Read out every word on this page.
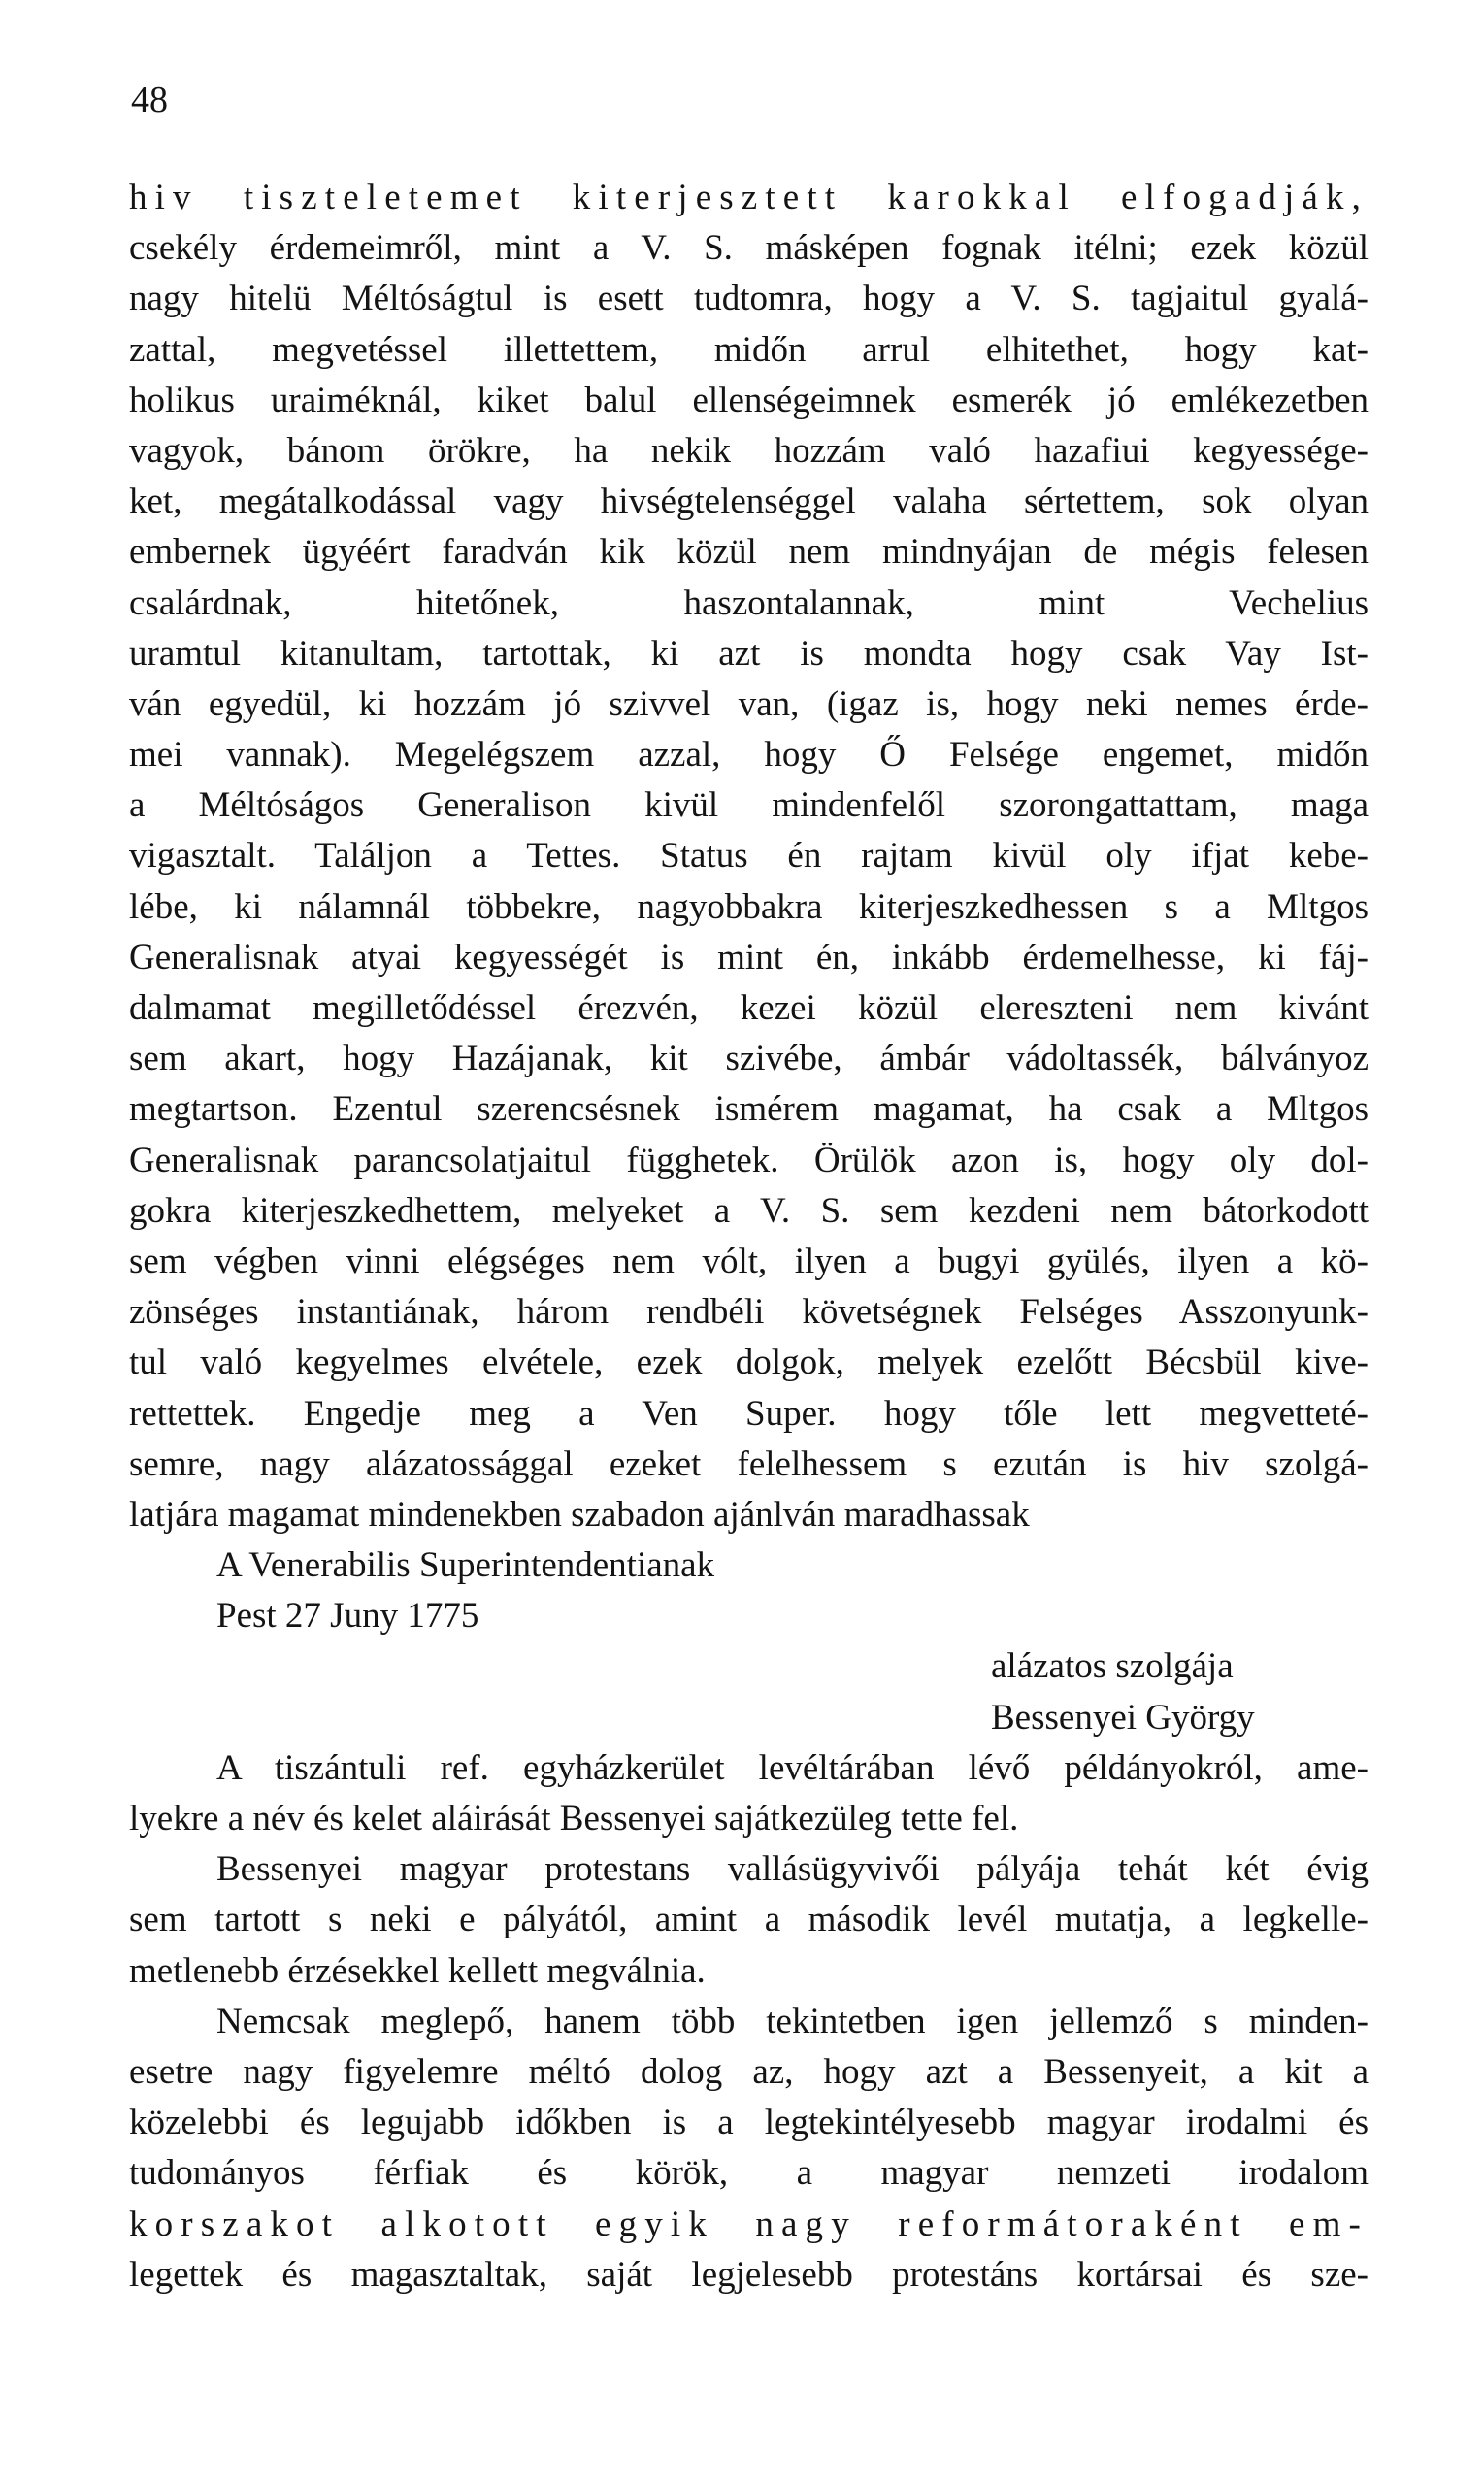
48
hiv tiszteletemet kiterjesztett karokkal elfogadják,
csekély érdemeimről, mint a V. S. másképen fognak itélni; ezek közül
nagy hitelü Méltóságtul is esett tudtomra, hogy a V. S. tagjaitul gyalá-
zattal, megvetéssel illettettem, midőn arrul elhitethet, hogy kat-
holikus uraiméknál, kiket balul ellenségeimnek esmerék jó emlékezetben
vagyok, bánom örökre, ha nekik hozzám való hazafiui kegyessége-
ket, megátalkodással vagy hivségtelenséggel valaha sértettem, sok olyan
embernek ügyéért faradván kik közül nem mindnyájan de mégis felesen
csalárdnak, hitetőnek, haszontalannak, mint Vechelius
uramtul kitanultam, tartottak, ki azt is mondta hogy csak Vay Ist-
ván egyedül, ki hozzám jó szivvel van, (igaz is, hogy neki nemes érde-
mei vannak). Megelégszem azzal, hogy Ő Felsége engemet, midőn
a Méltóságos Generalison kivül mindenfelől szorongattattam, maga
vigasztalt. Találjon a Tettes. Status én rajtam kivül oly ifjat kebe-
lébe, ki nálamnál többekre, nagyobbakra kiterjeszkedhessen s a Mltgos
Generalisnak atyai kegyességét is mint én, inkább érdemelhesse, ki fáj-
dalmamat megilletődéssel érezvén, kezei közül elereszteni nem kivánt
sem akart, hogy Hazájanak, kit szivébe, ámbár vádoltassék, bálványoz
megtartson. Ezentul szerencsésnek ismérem magamat, ha csak a Mltgos
Generalisnak parancsolatjaitul függhetek. Örülök azon is, hogy oly dol-
gokra kiterjeszkedhettem, melyeket a V. S. sem kezdeni nem bátorkodott
sem végben vinni elégséges nem vólt, ilyen a bugyi gyülés, ilyen a kö-
zönséges instantiának, három rendbéli követségnek Felséges Asszonyunk-
tul való kegyelmes elvétele, ezek dolgok, melyek ezelőtt Bécsbül kive-
rettettek. Engedje meg a Ven Super. hogy tőle lett megvetteté-
semre, nagy alázatossággal ezeket felelhessem s ezután is hiv szolgá-
latjára magamat mindenekben szabadon ajánlván maradhassak
A Venerabilis Superintendentianak
Pest 27 Juny 1775
alázatos szolgája
Bessenyei György
A tiszántuli ref. egyházkerület levéltárában lévő példányokról, ame-
lyekre a név és kelet aláirását Bessenyei sajátkezüleg tette fel.
Bessenyei magyar protestans vallásügyvivői pályája tehát két évig
sem tartott s neki e pályától, amint a második levél mutatja, a legkelle-
metlenebb érzésekkel kellett megválnia.
Nemcsak meglepő, hanem több tekintetben igen jellemző s minden-
esetre nagy figyelemre méltó dolog az, hogy azt a Bessenyeit, a kit a
közelebbi és legujabb időkben is a legtekintélyesebb magyar irodalmi és
tudományos férfiak és körök, a magyar nemzeti irodalom
korszakot alkotott egyik nagy reformátoraként em-
legettek és magasztaltak, saját legjelesebb protestáns kortársai és sze-
